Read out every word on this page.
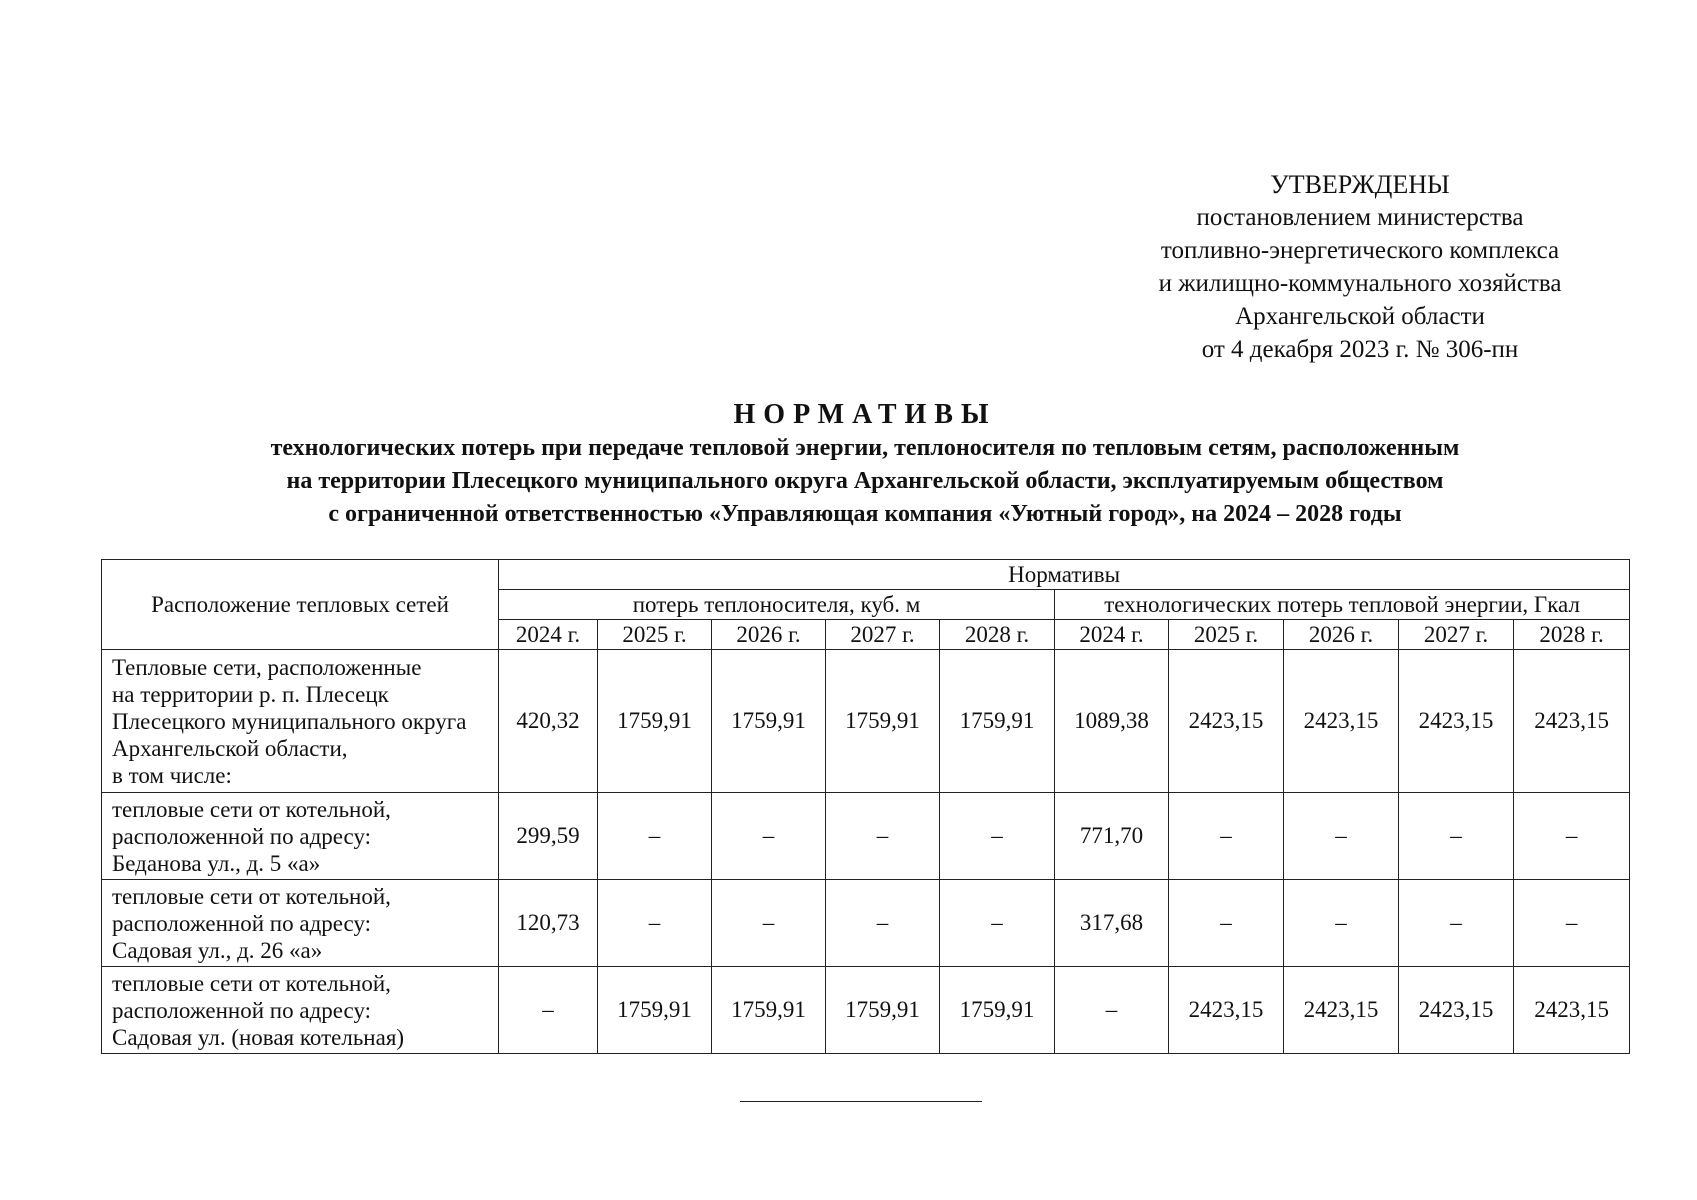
УТВЕРЖДЕНЫ
постановлением министерства
топливно-энергетического комплекса
и жилищно-коммунального хозяйства
Архангельской области
от 4 декабря 2023 г. № 306-пн
НОРМАТИВЫ
технологических потерь при передаче тепловой энергии, теплоносителя по тепловым сетям, расположенным
на территории Плесецкого муниципального округа Архангельской области, эксплуатируемым обществом
с ограниченной ответственностью «Управляющая компания «Уютный город», на 2024 – 2028 годы
Расположение тепловых сетей	Нормативы									
	потерь теплоносителя, куб. м					технологических потерь тепловой энергии, Гкал				
	2024 г.	2025 г.	2026 г.	2027 г.	2028 г.	2024 г.	2025 г.	2026 г.	2027 г.	2028 г.

Тепловые сети, расположенные
на территории р. п. Плесецк
Плесецкого муниципального округа
Архангельской области,
в том числе:	420,32	1759,91	1759,91	1759,91	1759,91	1089,38	2423,15	2423,15	2423,15	2423,15

тепловые сети от котельной,
расположенной по адресу:
Беданова ул., д. 5 «а»	299,59	–	–	–	–	771,70	–	–	–	–

тепловые сети от котельной,
расположенной по адресу:
Садовая ул., д. 26 «а»	120,73	–	–	–	–	317,68	–	–	–	–

тепловые сети от котельной,
расположенной по адресу:
Садовая ул. (новая котельная)	–	1759,91	1759,91	1759,91	1759,91	–	2423,15	2423,15	2423,15	2423,15
